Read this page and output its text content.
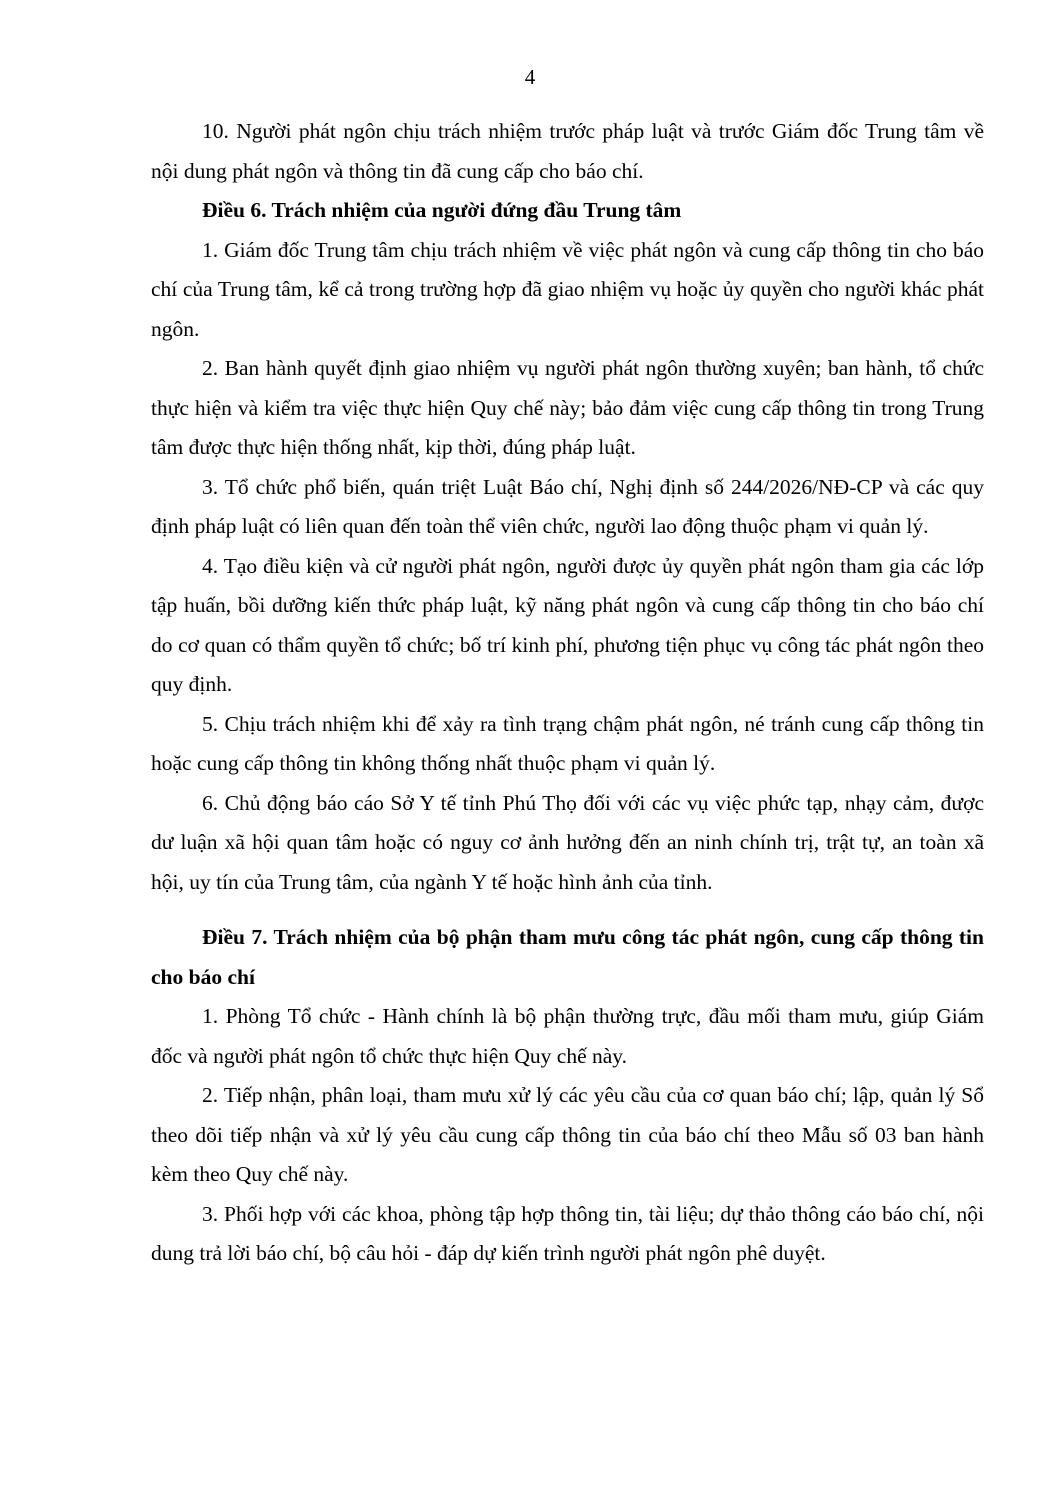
4

10. Người phát ngôn chịu trách nhiệm trước pháp luật và trước Giám đốc Trung tâm về nội dung phát ngôn và thông tin đã cung cấp cho báo chí.

Điều 6. Trách nhiệm của người đứng đầu Trung tâm

1. Giám đốc Trung tâm chịu trách nhiệm về việc phát ngôn và cung cấp thông tin cho báo chí của Trung tâm, kể cả trong trường hợp đã giao nhiệm vụ hoặc ủy quyền cho người khác phát ngôn.

2. Ban hành quyết định giao nhiệm vụ người phát ngôn thường xuyên; ban hành, tổ chức thực hiện và kiểm tra việc thực hiện Quy chế này; bảo đảm việc cung cấp thông tin trong Trung tâm được thực hiện thống nhất, kịp thời, đúng pháp luật.

3. Tổ chức phổ biến, quán triệt Luật Báo chí, Nghị định số 244/2026/NĐ-CP và các quy định pháp luật có liên quan đến toàn thể viên chức, người lao động thuộc phạm vi quản lý.

4. Tạo điều kiện và cử người phát ngôn, người được ủy quyền phát ngôn tham gia các lớp tập huấn, bồi dưỡng kiến thức pháp luật, kỹ năng phát ngôn và cung cấp thông tin cho báo chí do cơ quan có thẩm quyền tổ chức; bố trí kinh phí, phương tiện phục vụ công tác phát ngôn theo quy định.

5. Chịu trách nhiệm khi để xảy ra tình trạng chậm phát ngôn, né tránh cung cấp thông tin hoặc cung cấp thông tin không thống nhất thuộc phạm vi quản lý.

6. Chủ động báo cáo Sở Y tế tỉnh Phú Thọ đối với các vụ việc phức tạp, nhạy cảm, được dư luận xã hội quan tâm hoặc có nguy cơ ảnh hưởng đến an ninh chính trị, trật tự, an toàn xã hội, uy tín của Trung tâm, của ngành Y tế hoặc hình ảnh của tỉnh.

Điều 7. Trách nhiệm của bộ phận tham mưu công tác phát ngôn, cung cấp thông tin cho báo chí

1. Phòng Tổ chức - Hành chính là bộ phận thường trực, đầu mối tham mưu, giúp Giám đốc và người phát ngôn tổ chức thực hiện Quy chế này.

2. Tiếp nhận, phân loại, tham mưu xử lý các yêu cầu của cơ quan báo chí; lập, quản lý Sổ theo dõi tiếp nhận và xử lý yêu cầu cung cấp thông tin của báo chí theo Mẫu số 03 ban hành kèm theo Quy chế này.

3. Phối hợp với các khoa, phòng tập hợp thông tin, tài liệu; dự thảo thông cáo báo chí, nội dung trả lời báo chí, bộ câu hỏi - đáp dự kiến trình người phát ngôn phê duyệt.
